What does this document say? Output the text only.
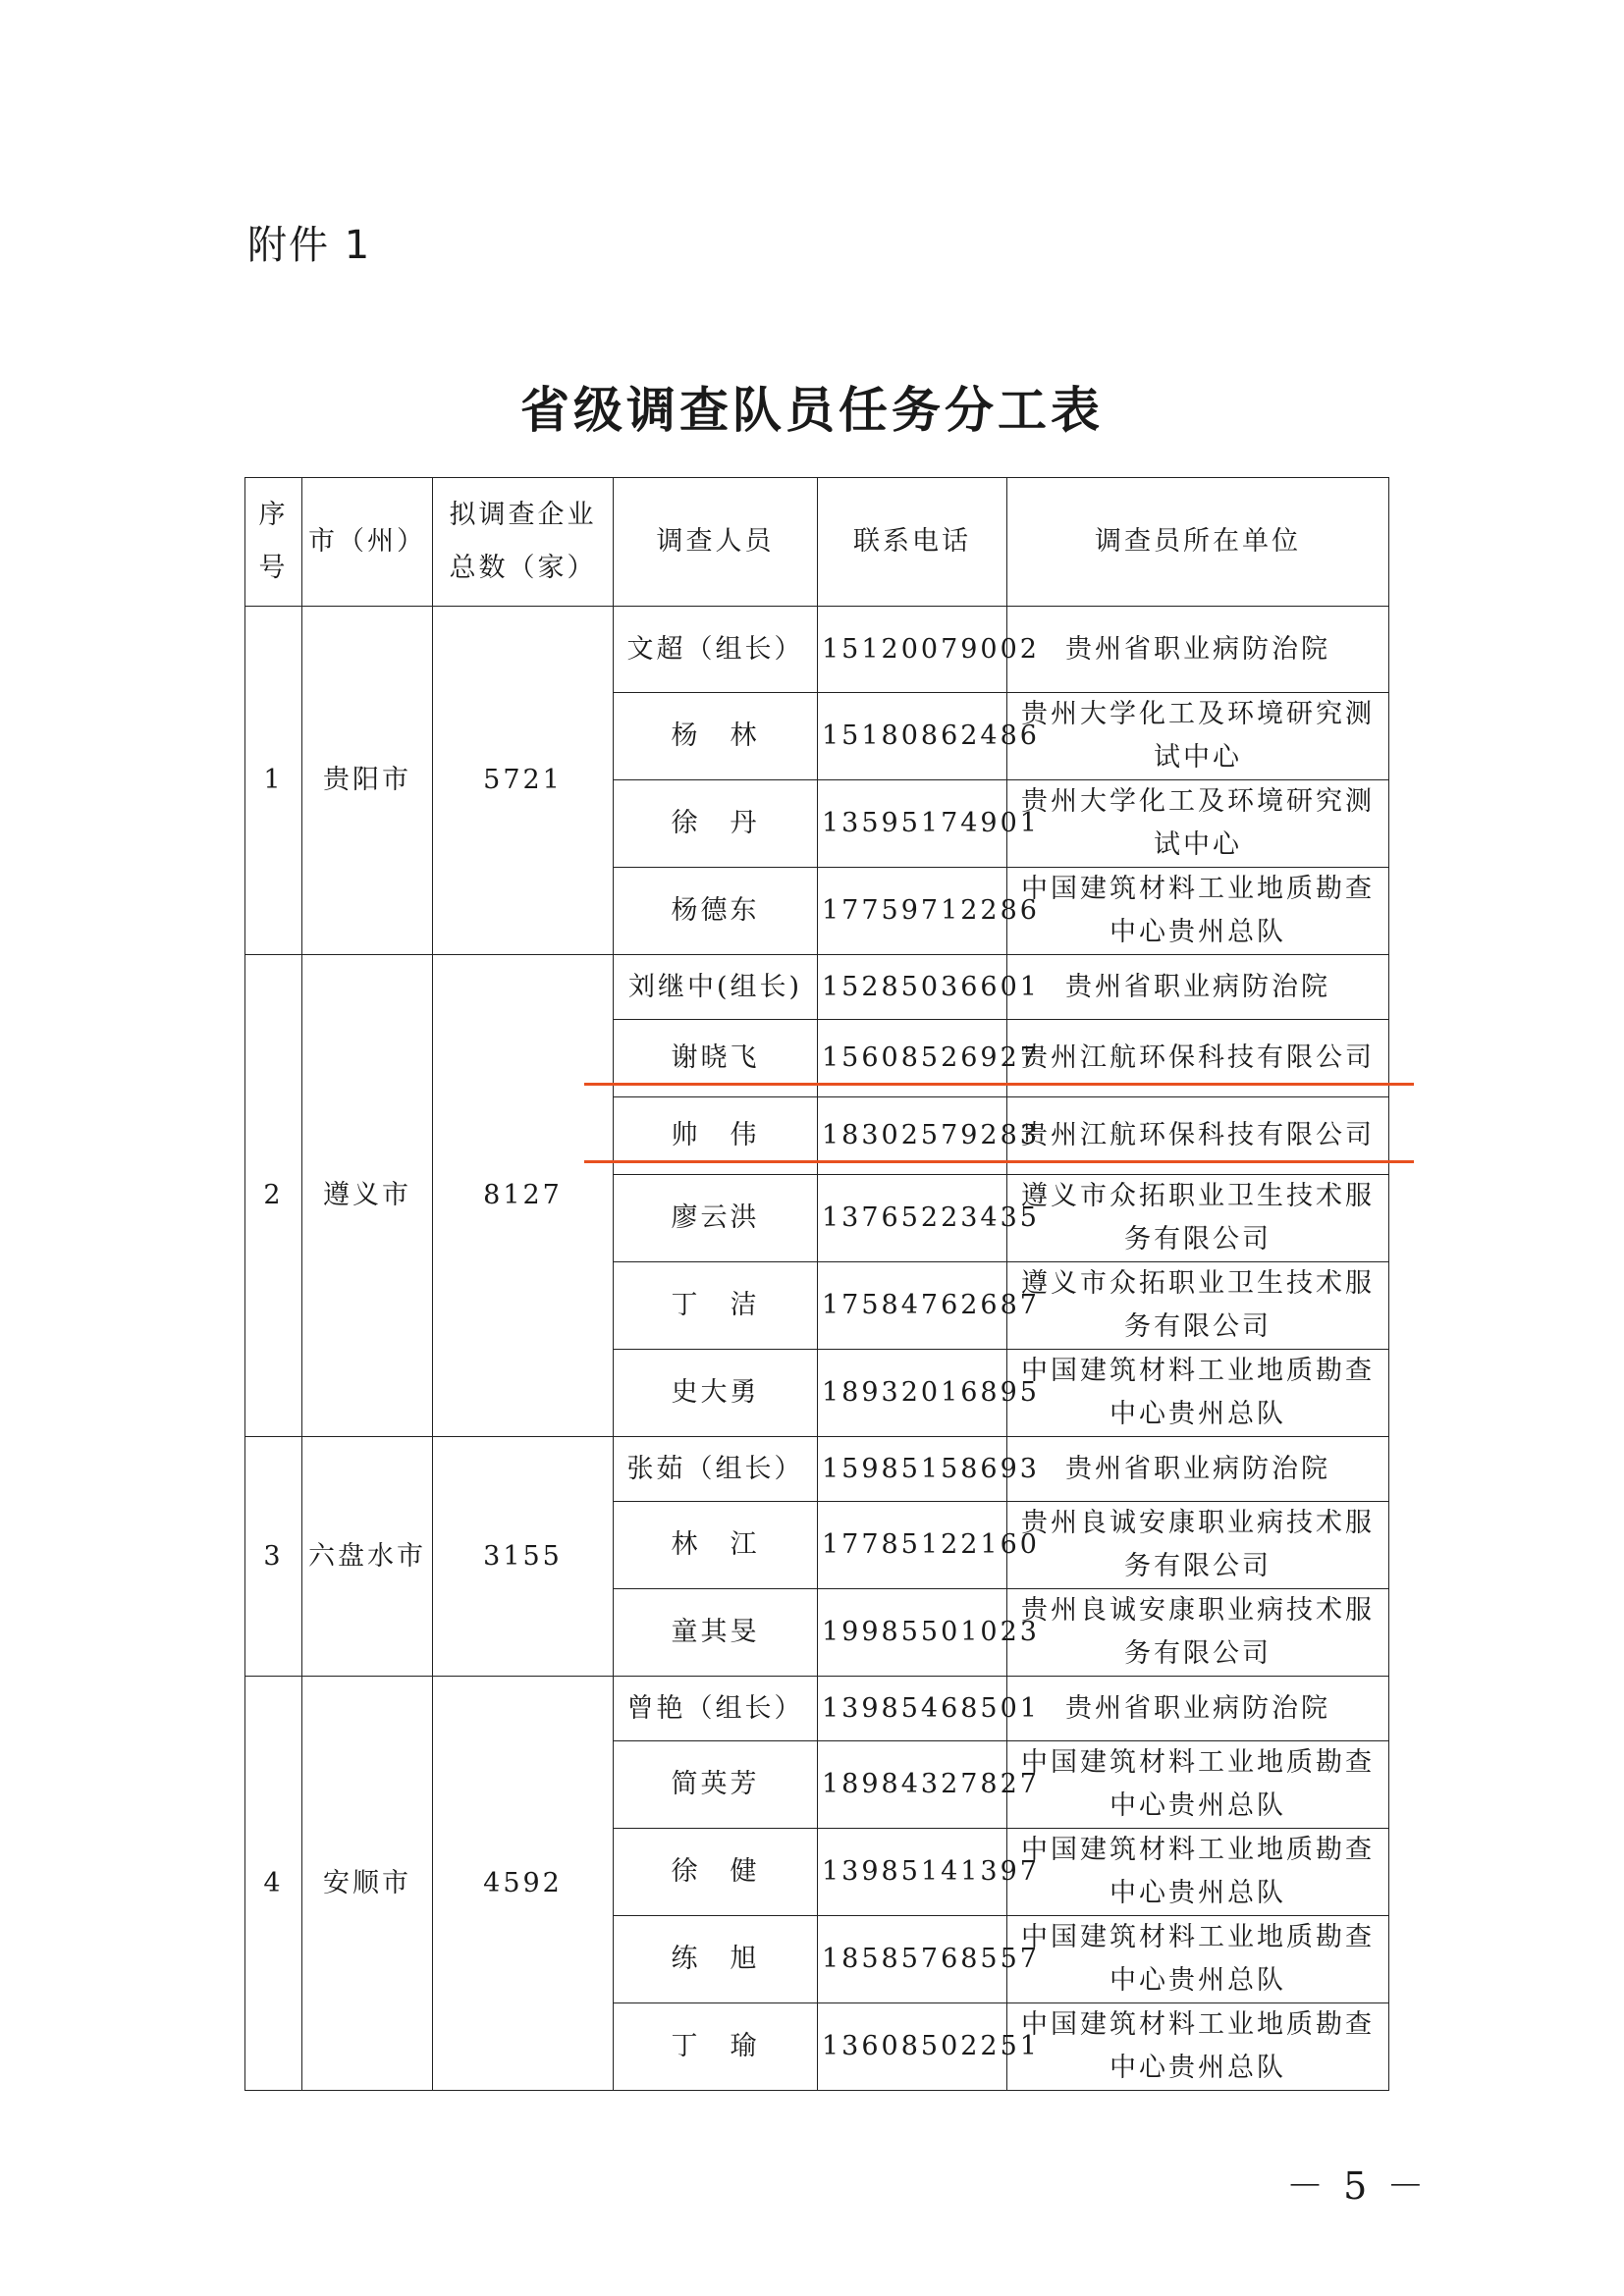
附件 1
省级调查队员任务分工表
序号	市（州）	拟调查企业总数（家）	调查人员	联系电话	调查员所在单位
1	贵阳市	5721	文超（组长）	15120079002	贵州省职业病防治院
			杨　林	15180862486	贵州大学化工及环境研究测试中心
			徐　丹	13595174901	贵州大学化工及环境研究测试中心
			杨德东	17759712286	中国建筑材料工业地质勘查中心贵州总队
2	遵义市	8127	刘继中(组长)	15285036601	贵州省职业病防治院
			谢晓飞	15608526927	贵州江航环保科技有限公司
			帅　伟	18302579283	贵州江航环保科技有限公司
			廖云洪	13765223435	遵义市众拓职业卫生技术服务有限公司
			丁　洁	17584762687	遵义市众拓职业卫生技术服务有限公司
			史大勇	18932016895	中国建筑材料工业地质勘查中心贵州总队
3	六盘水市	3155	张茹（组长）	15985158693	贵州省职业病防治院
			林　江	17785122160	贵州良诚安康职业病技术服务有限公司
			童其旻	19985501023	贵州良诚安康职业病技术服务有限公司
4	安顺市	4592	曾艳（组长）	13985468501	贵州省职业病防治院
			简英芳	18984327827	中国建筑材料工业地质勘查中心贵州总队
			徐　健	13985141397	中国建筑材料工业地质勘查中心贵州总队
			练　旭	18585768557	中国建筑材料工业地质勘查中心贵州总队
			丁　瑜	13608502251	中国建筑材料工业地质勘查中心贵州总队
－ 5 －
